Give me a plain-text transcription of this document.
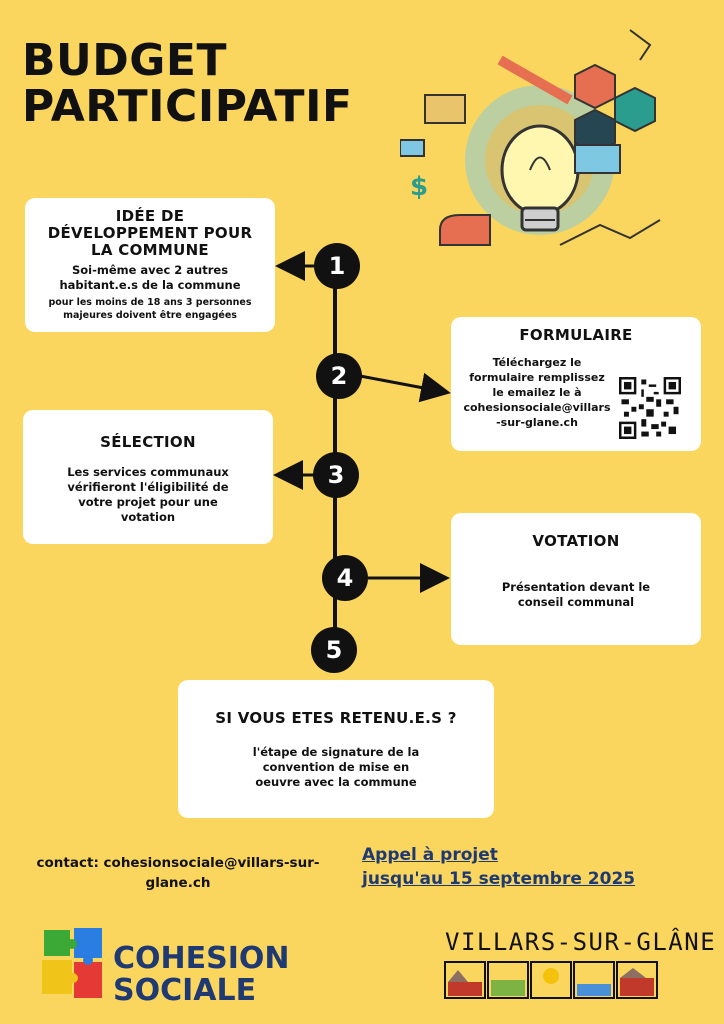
BUDGET
PARTICIPATIF
$
1
2
3
4
5
IDÉE DE DÉVELOPPEMENT POUR LA COMMUNE

Soi-même avec 2 autres habitant.e.s de la commune

pour les moins de 18 ans 3 personnes majeures doivent être engagées

FORMULAIRE

Téléchargez le formulaire remplissez le emailez le à cohesionsociale@villars-sur-glane.ch

SÉLECTION

Les services communaux vérifieront l'éligibilité de votre projet pour une votation

VOTATION

Présentation devant le conseil communal

SI VOUS ETES RETENU.E.S ?

l'étape de signature de la convention de mise en oeuvre avec la commune

contact: cohesionsociale@villars-sur-glane.ch
Appel à projet
jusqu'au 15 septembre 2025
COHESION
SOCIALE
VILLARS-SUR-GLÂNE
